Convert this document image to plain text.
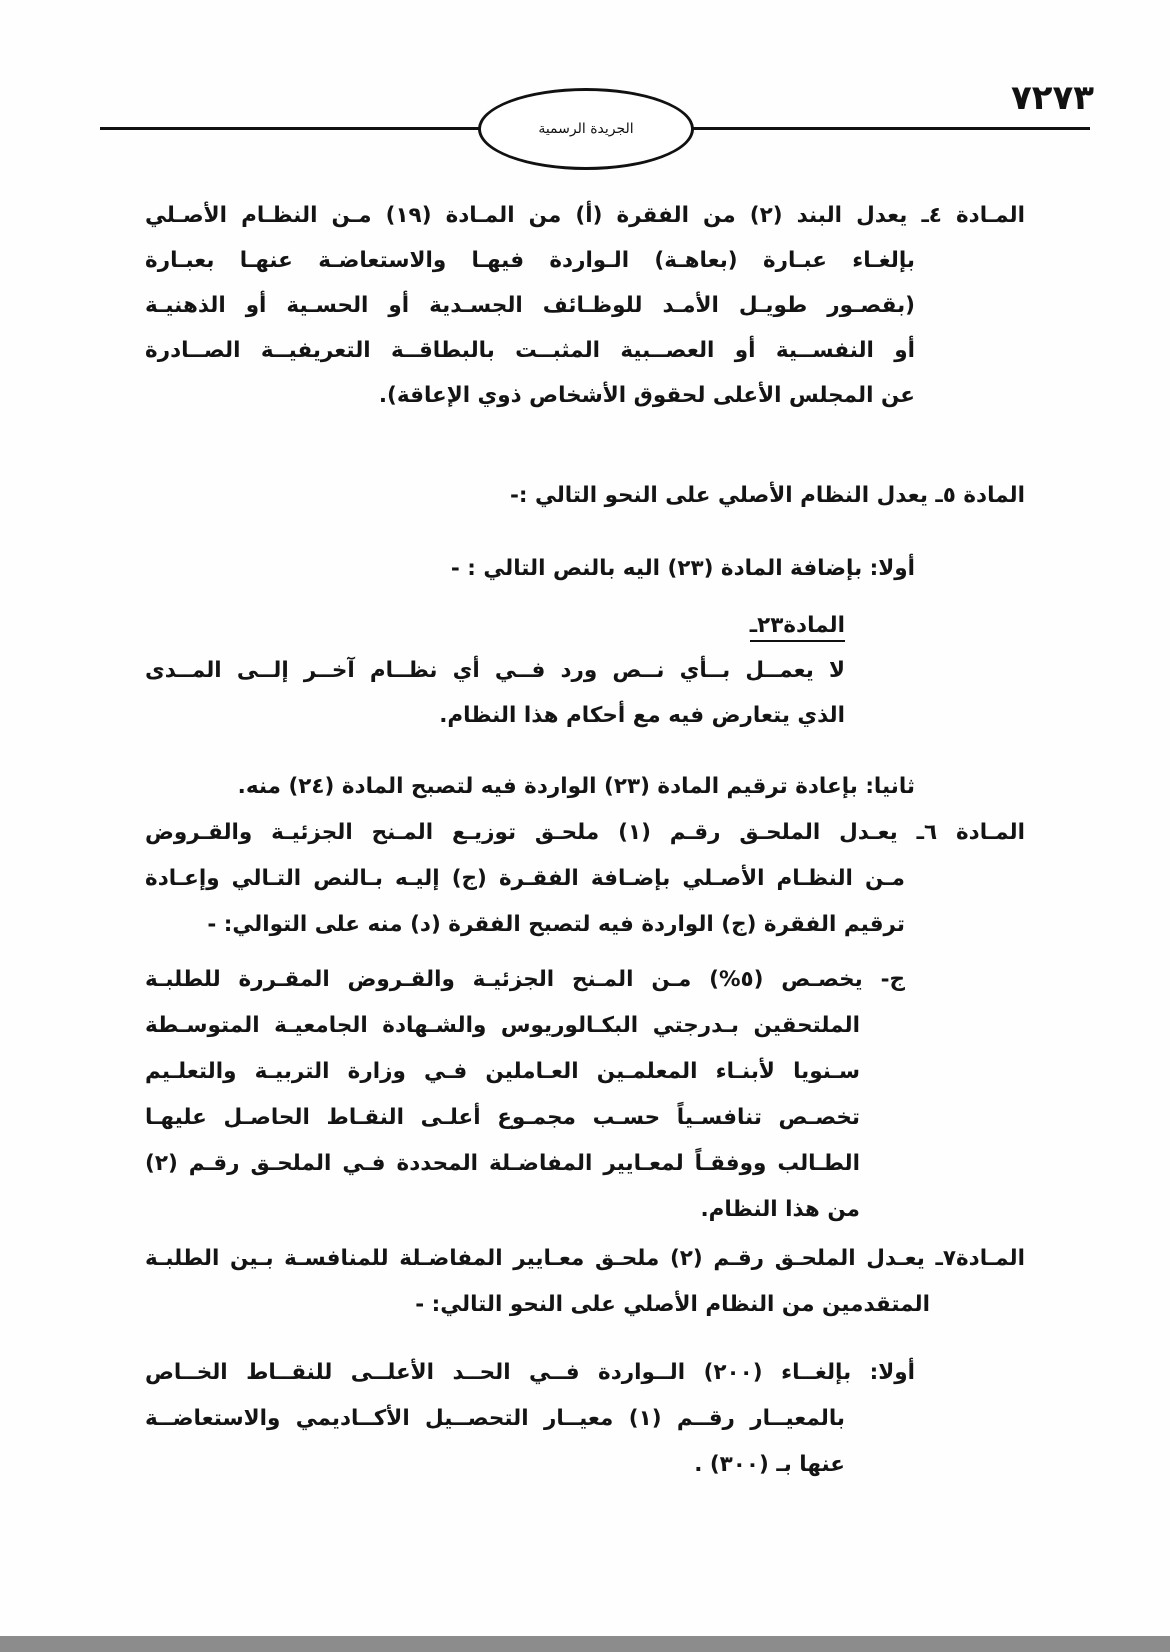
٧٢٧٣
الجريدة الرسمية
المـادة ٤ـ يعدل البند (٢) من الفقرة (أ) من المـادة (١٩) مـن النظـام الأصـلي
بإلغـاء عبـارة (بعاهـة) الـواردة فيهـا والاستعاضـة عنهـا بعبـارة
(بقصـور طويـل الأمـد للوظـائف الجسـدية أو الحسـية أو الذهنيـة
أو النفســية أو العصــبية المثبــت بالبطاقــة التعريفيــة الصــادرة
عن المجلس الأعلى لحقوق الأشخاص ذوي الإعاقة).
المادة ٥ـ يعدل النظام الأصلي على النحو التالي :-
أولا: بإضافة المادة (٢٣) اليه بالنص التالي : -
المادة٢٣ـ
لا يعمــل بــأي نــص ورد فــي أي نظــام آخــر إلــى المــدى
الذي يتعارض فيه مع أحكام هذا النظام.
ثانيا: بإعادة ترقيم المادة (٢٣) الواردة فيه لتصبح المادة (٢٤) منه.
المـادة ٦ـ يعـدل الملحـق رقـم (١) ملحـق توزيـع المـنح الجزئيـة والقـروض
مـن النظـام الأصـلي بإضـافة الفقـرة (ج) إليـه بـالنص التـالي وإعـادة
ترقيم الفقرة (ج) الواردة فيه لتصبح الفقرة (د) منه على التوالي: -
ج- يخصـص (٥%) مـن المـنح الجزئيـة والقـروض المقـررة للطلبـة
الملتحقين بـدرجتي البكـالوريوس والشـهادة الجامعيـة المتوسـطة
سـنويا لأبنـاء المعلمـين العـاملين فـي وزارة التربيـة والتعلـيم
تخصـص تنافسـياً حسـب مجمـوع أعلـى النقـاط الحاصـل عليهـا
الطـالب ووفقـاً لمعـايير المفاضـلة المحددة فـي الملحـق رقـم (٢)
من هذا النظام.
المـادة٧ـ يعـدل الملحـق رقـم (٢) ملحـق معـايير المفاضـلة للمنافسـة بـين الطلبـة
المتقدمين من النظام الأصلي على النحو التالي: -
أولا: بإلغــاء (٢٠٠) الــواردة فــي الحــد الأعلــى للنقــاط الخــاص
بالمعيــار رقــم (١) معيــار التحصــيل الأكــاديمي والاستعاضــة
عنها بـ (٣٠٠) .
